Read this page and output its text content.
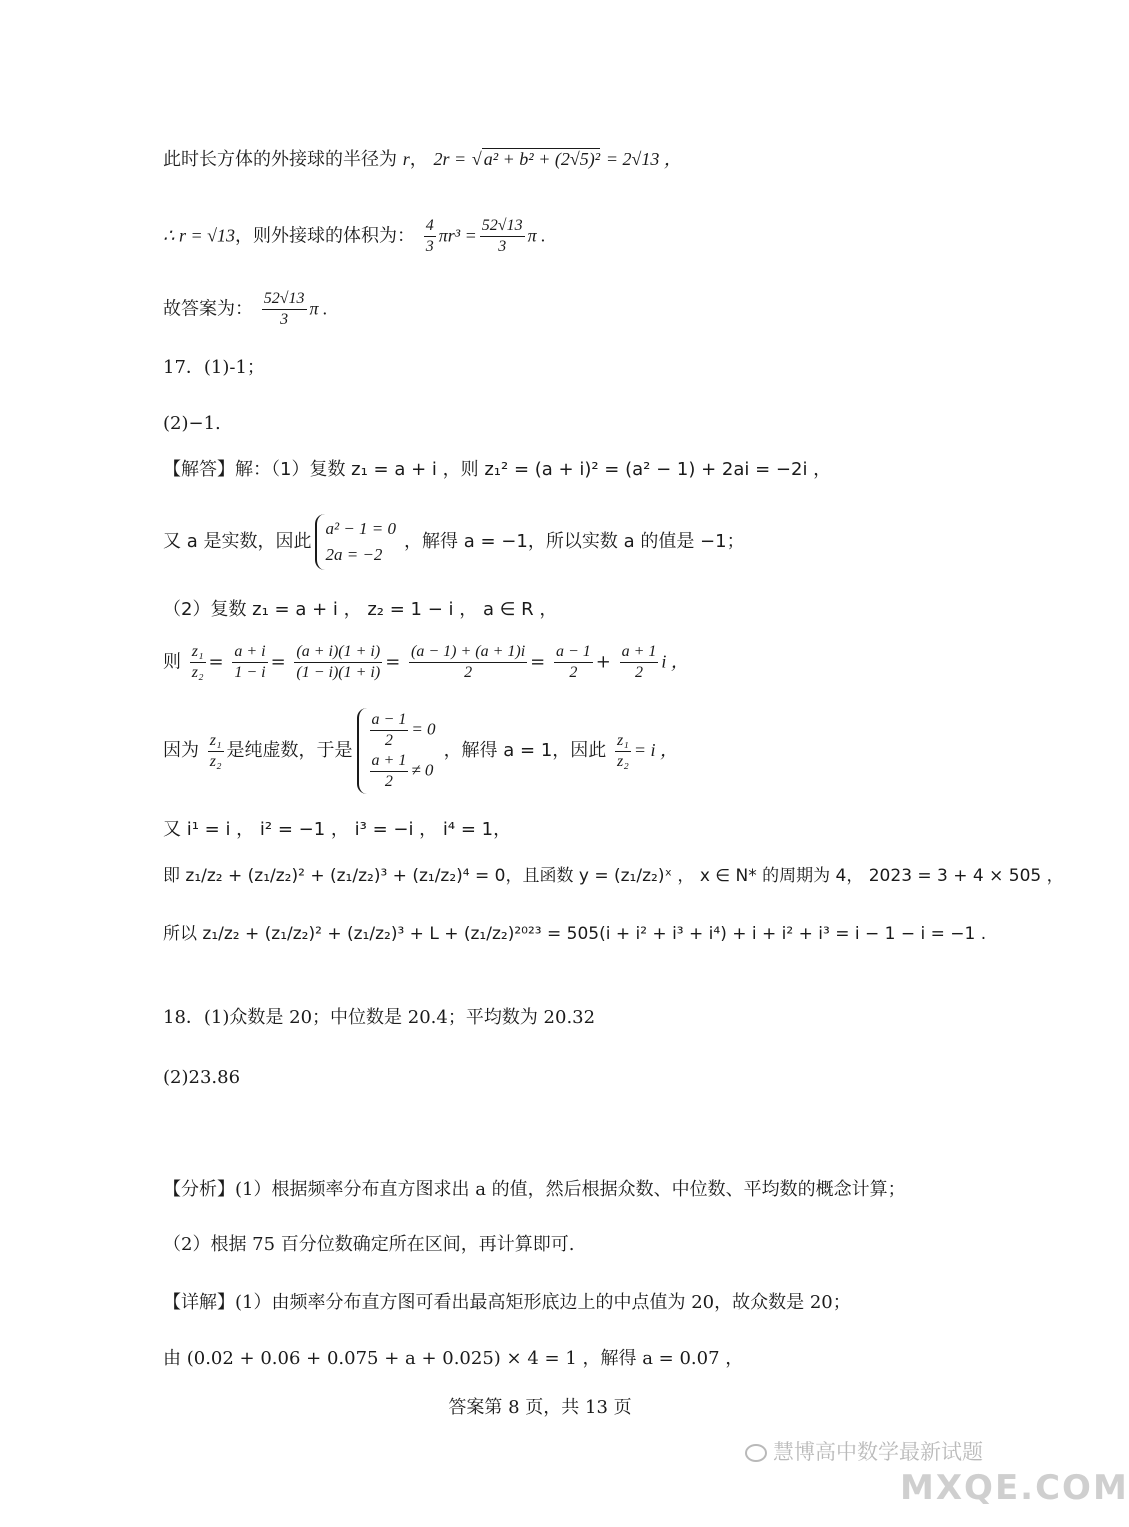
此时长方体的外接球的半径为 r， 2r = √ a² + b² + (2√5)² = 2√13 ，
∴ r = √13，则外接球的体积为： $\frac{4}{3} \pi r^3 = \frac{52√13}{3}$ π .
故答案为： $\frac{52√13}{3}$ π .
17．(1)-1；
(2)−1.
【解答】解：（1）复数 z₁ = a + i ，则 z₁² = (a + i)² = (a² − 1) + 2ai = −2i ，
又 a 是实数，因此
a² − 1 = 0
2a = −2
，解得 a = −1，所以实数 a 的值是 −1；
（2）复数 z₁ = a + i ， z₂ = 1 − i ， a ∈ R ，
则 $\frac{\text{z₁}}{\text{z₂}} = \frac{a + i}{1 - i} = \frac{(a + i)(1 + i)}{(1 - i)(1 + i)} = \frac{(a - 1) + (a + 1)i}{2} = \frac{a - 1}{2} + \frac{a + 1}{2}$ i ，
因为 $\frac{\text{z₁}}{\text{z₂}}$ 是纯虚数，于是 $\frac{a - 1}{2} = 0$
$\frac{a + 1}{2} \ne 0$
，解得 a = 1，因此 $\frac{\text{z₁}}{\text{z₂}} = i$ ，
又 i¹ = i ， i² = −1 ， i³ = −i ， i⁴ = 1，
即 z₁/z₂ + (z₁/z₂)² + (z₁/z₂)³ + (z₁/z₂)⁴ = 0，且函数 y = (z₁/z₂)ˣ ， x ∈ N* 的周期为 4， 2023 = 3 + 4 × 505 ，
所以 z₁/z₂ + (z₁/z₂)² + (z₁/z₂)³ + L + (z₁/z₂)²⁰²³ = 505(i + i² + i³ + i⁴) + i + i² + i³ = i − 1 − i = −1 .
18．(1)众数是 20；中位数是 20.4；平均数为 20.32
(2)23.86
【分析】(1）根据频率分布直方图求出 a 的值，然后根据众数、中位数、平均数的概念计算；
（2）根据 75 百分位数确定所在区间，再计算即可.
【详解】(1）由频率分布直方图可看出最高矩形底边上的中点值为 20，故众数是 20；
由 (0.02 + 0.06 + 0.075 + a + 0.025) × 4 = 1 ，解得 a = 0.07 ，
答案第 8 页，共 13 页
慧博高中数学最新试题
MXQE.COM
